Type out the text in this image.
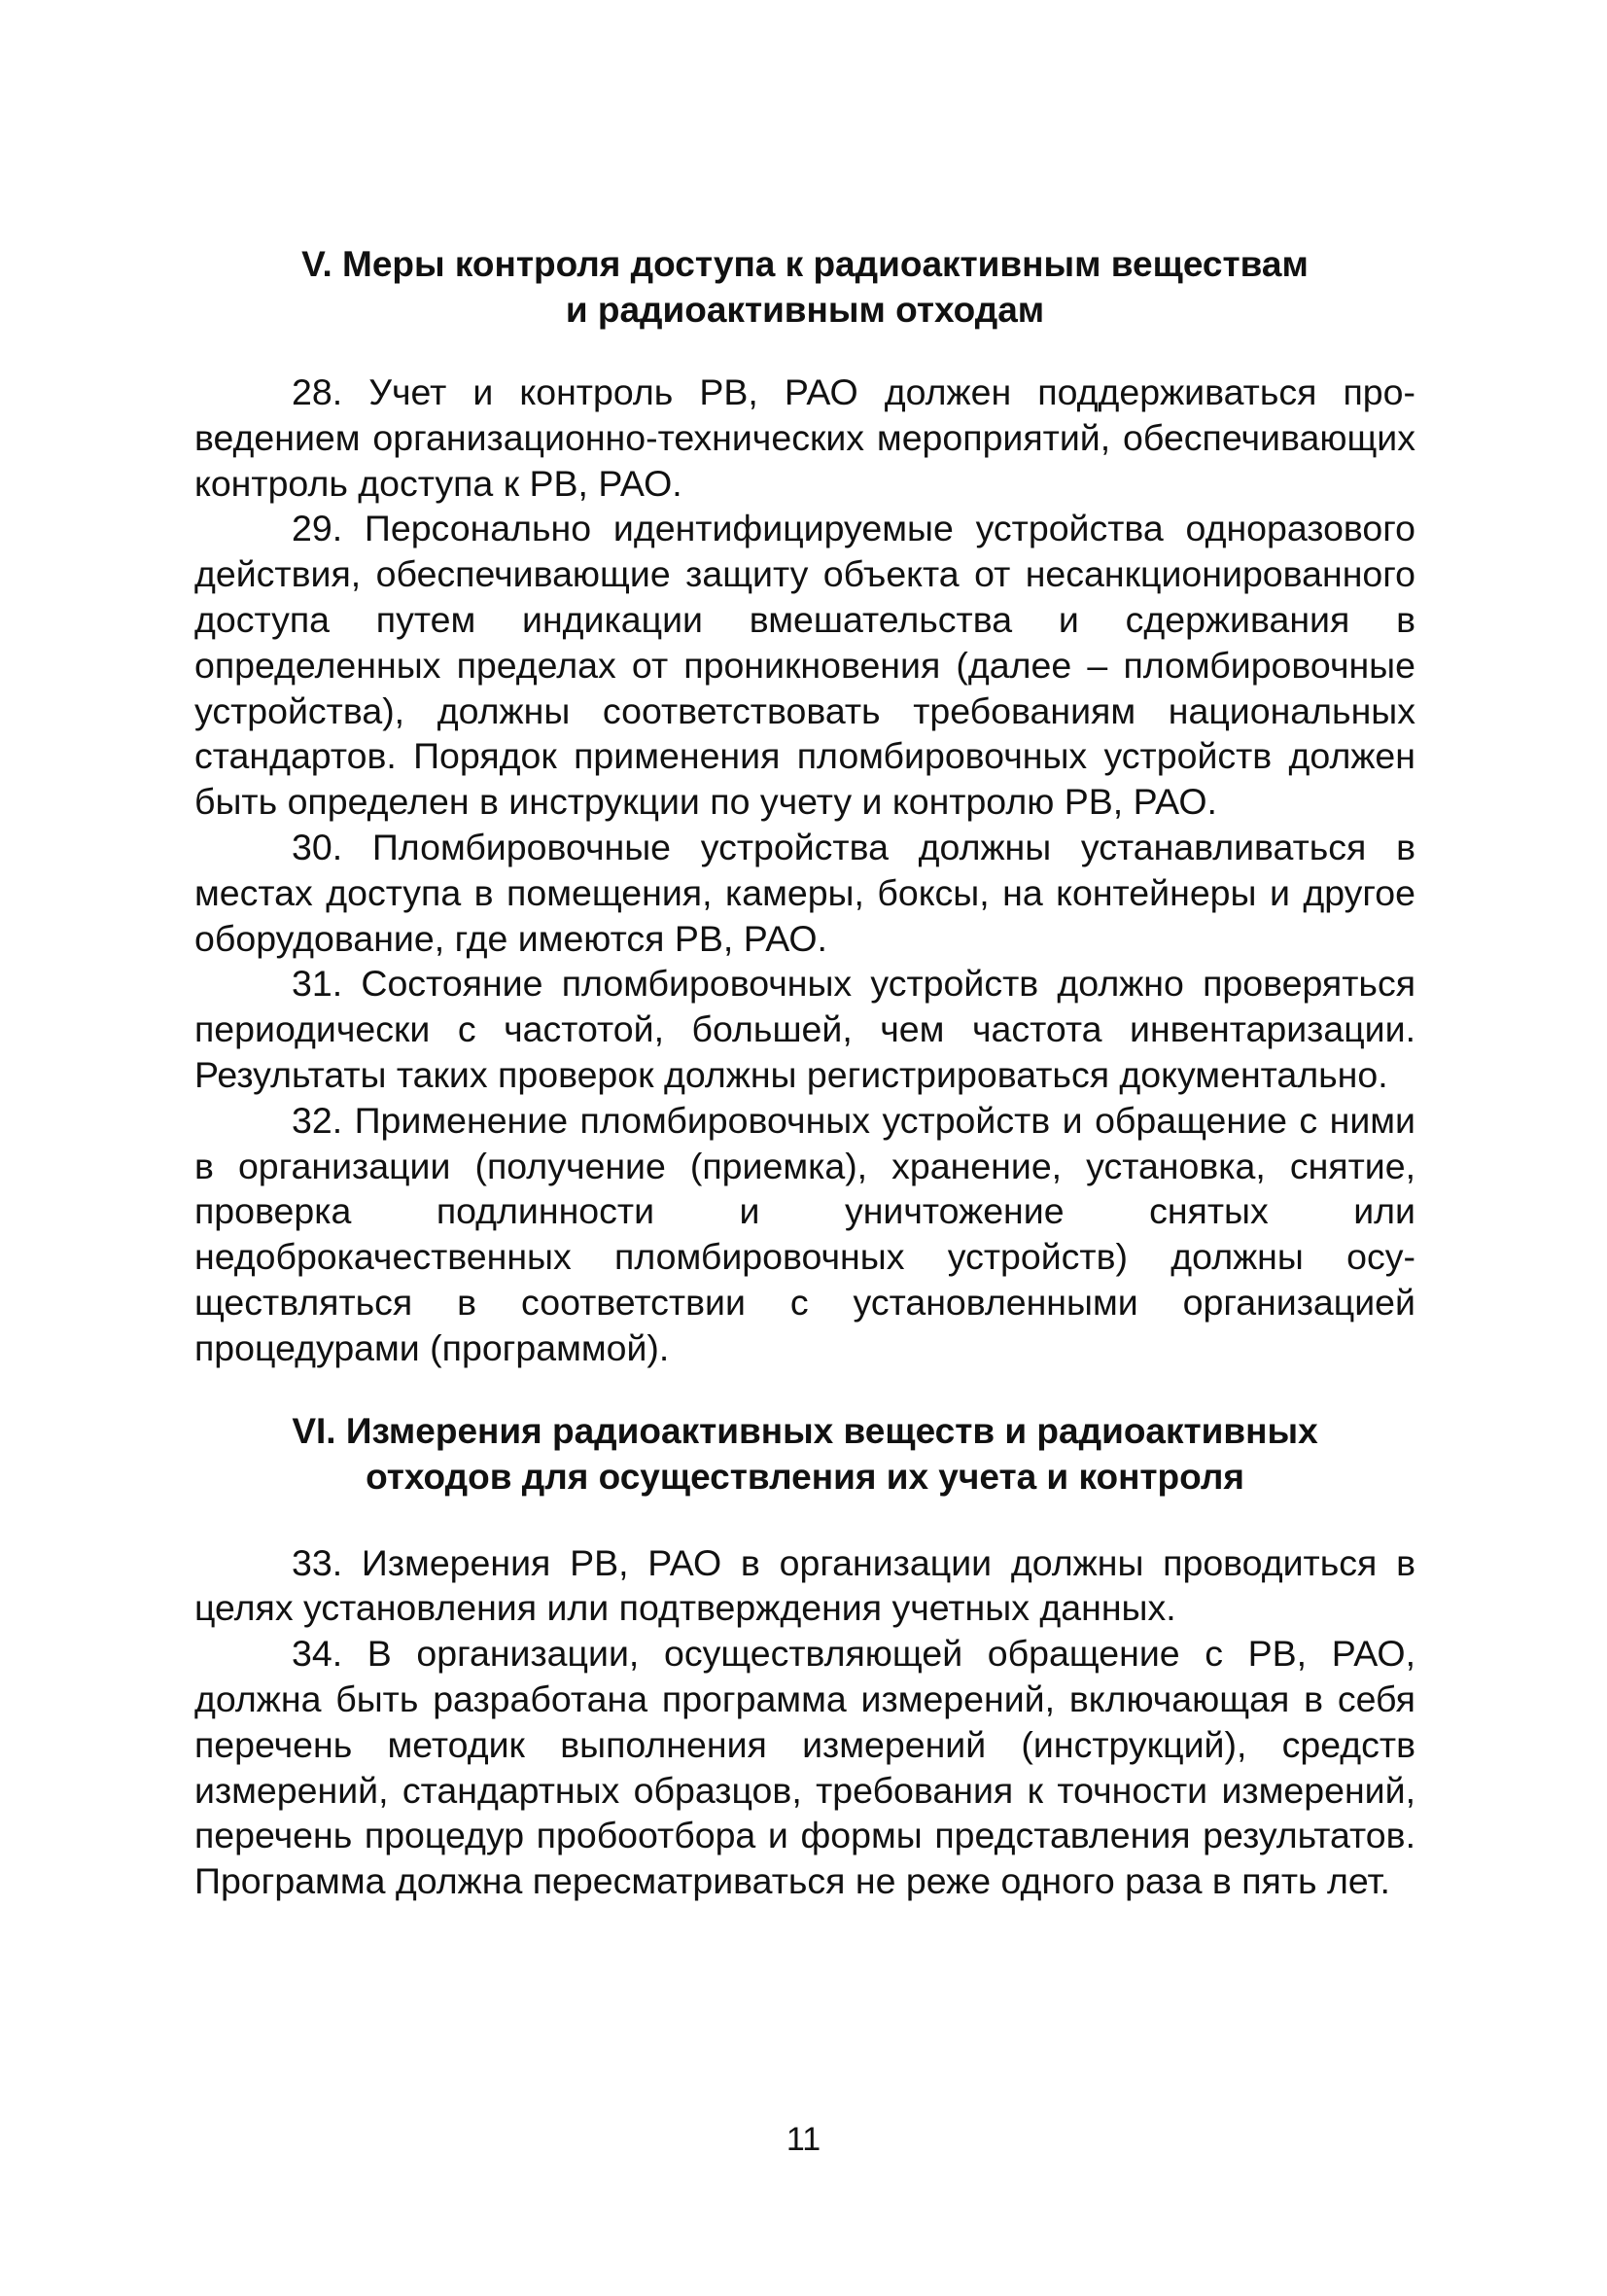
V. Меры контроля доступа к радиоактивным веществам
и радиоактивным отходам

28. Учет и контроль РВ, РАО должен поддерживаться проведением организационно-технических мероприятий, обеспечивающих контроль доступа к РВ, РАО.

29. Персонально идентифицируемые устройства одноразового действия, обеспечивающие защиту объекта от несанкционированного доступа путем индикации вмешательства и сдерживания в определенных пределах от проникновения (далее – пломбировочные устройства), должны соответствовать требованиям национальных стандартов. Порядок применения пломбировочных устройств должен быть определен в инструкции по учету и контролю РВ, РАО.

30. Пломбировочные устройства должны устанавливаться в местах доступа в помещения, камеры, боксы, на контейнеры и другое оборудование, где имеются РВ, РАО.

31. Состояние пломбировочных устройств должно проверяться периодически с частотой, большей, чем частота инвентаризации. Результаты таких проверок должны регистрироваться документально.

32. Применение пломбировочных устройств и обращение с ними в организации (получение (приемка), хранение, установка, снятие, проверка подлинности и уничтожение снятых или недоброкачественных пломбировочных устройств) должны осуществляться в соответствии с установленными организацией процедурами (программой).

VI. Измерения радиоактивных веществ и радиоактивных
отходов для осуществления их учета и контроля

33. Измерения РВ, РАО в организации должны проводиться в целях установления или подтверждения учетных данных.

34. В организации, осуществляющей обращение с РВ, РАО, должна быть разработана программа измерений, включающая в себя перечень методик выполнения измерений (инструкций), средств измерений, стандартных образцов, требования к точности измерений, перечень процедур пробоотбора и формы представления результатов. Программа должна пересматриваться не реже одного раза в пять лет.

11
